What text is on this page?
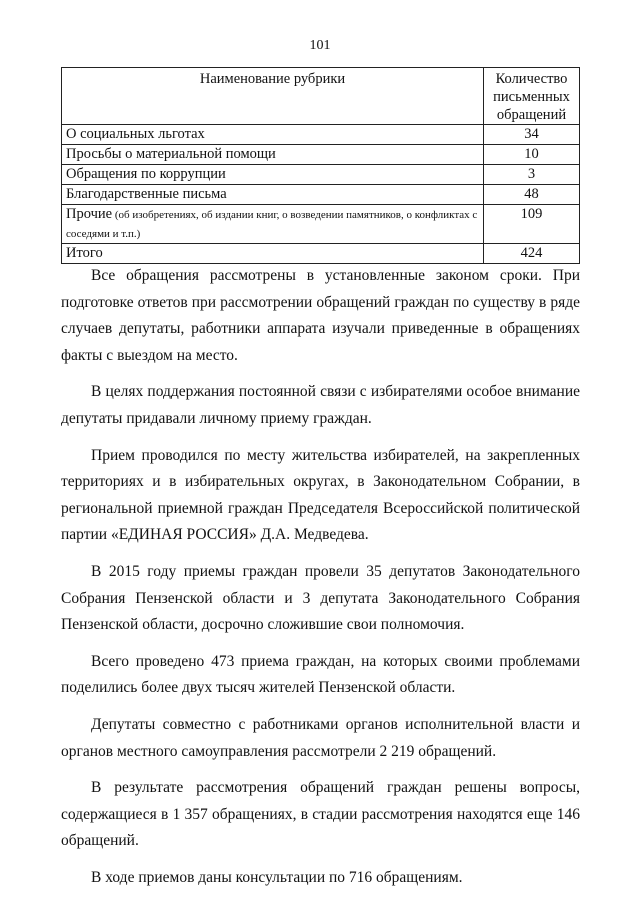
101
Наименование рубрики	Количество
письменных
обращений

О социальных льготах	34
Просьбы о материальной помощи	10
Обращения по коррупции	3
Благодарственные письма	48
Прочие (об изобретениях, об издании книг, о возведении памятников, о конфликтах с соседями и т.п.)	109
Итого	424

Все обращения рассмотрены в установленные законом сроки. При подготовке ответов при рассмотрении обращений граждан по существу в ряде случаев депутаты, работники аппарата изучали приведенные в обращениях факты с выездом на место.

В целях поддержания постоянной связи с избирателями особое внимание депутаты придавали личному приему граждан.

Прием проводился по месту жительства избирателей, на закрепленных территориях и в избирательных округах, в Законодательном Собрании, в региональной приемной граждан Председателя Всероссийской политической партии «ЕДИНАЯ РОССИЯ» Д.А. Медведева.

В 2015 году приемы граждан провели 35 депутатов Законодательного Собрания Пензенской области и 3 депутата Законодательного Собрания Пензенской области, досрочно сложившие свои полномочия.

Всего проведено 473 приема граждан, на которых своими проблемами поделились более двух тысяч жителей Пензенской области.

Депутаты совместно с работниками органов исполнительной власти и органов местного самоуправления рассмотрели 2 219 обращений.

В результате рассмотрения обращений граждан решены вопросы, содержащиеся в 1 357 обращениях, в стадии рассмотрения находятся еще 146 обращений.

В ходе приемов даны консультации по 716 обращениям.
